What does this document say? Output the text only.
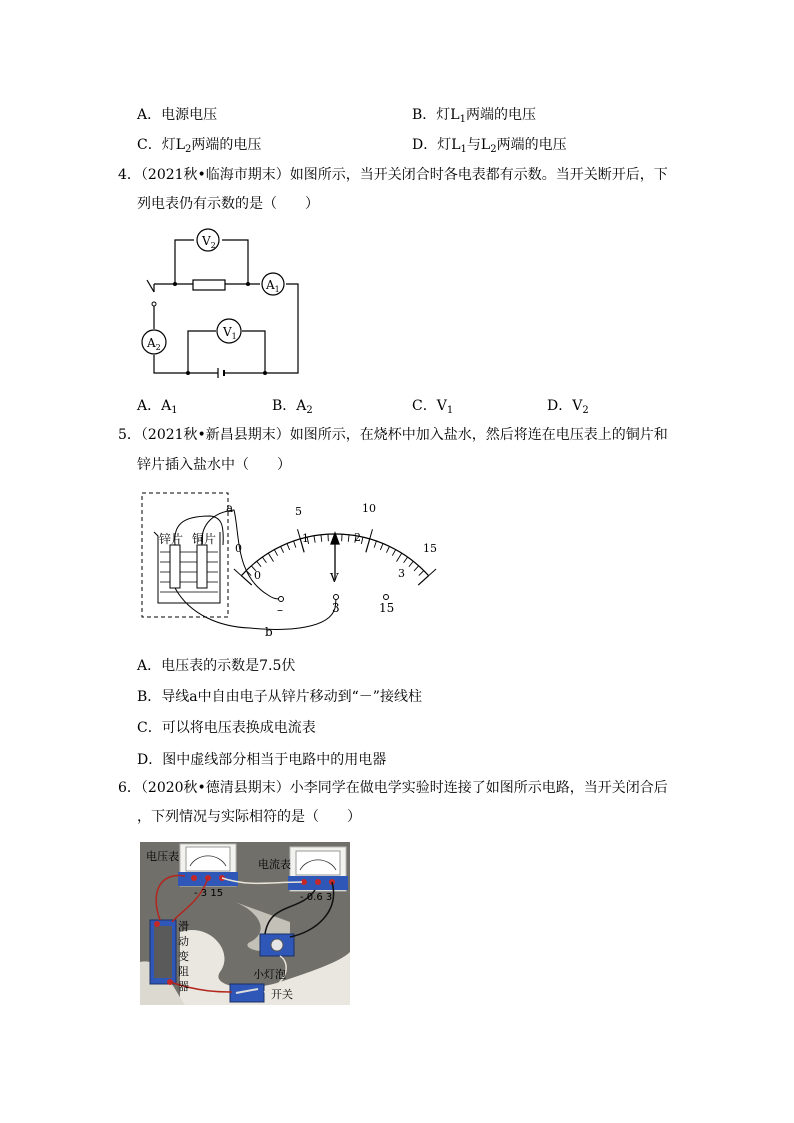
A．电源电压	B．灯$L_1$两端的电压
C．灯$L_2$两端的电压	D．灯$L_1$与$L_2$两端的电压
4．（2021秋•临海市期末）如图所示，当开关闭合时各电表都有示数。当开关断开后，下
列电表仍有示数的是（　　）
$V_2$
$A_1$
$A_2$
$V_1$
A．$A_1$	B．$A_2$	C．$V_1$	D．$V_2$
5．（2021秋•新昌县期末）如图所示，在烧杯中加入盐水，然后将连在电压表上的铜片和
锌片插入盐水中（　　）
V
–	3	15
锌片 铜片
a
b
0
5	10
15
0
1	2
3
A．电压表的示数是7.5伏
B．导线a中自由电子从锌片移动到“－”接线柱
C．可以将电压表换成电流表
D．图中虚线部分相当于电路中的用电器
6．（2020秋•德清县期末）小李同学在做电学实验时连接了如图所示电路，当开关闭合后
，下列情况与实际相符的是（　　）
电压表
电流表
- 3 15	- 0.6 3
滑
动
变
阻
器
小灯泡
开关
